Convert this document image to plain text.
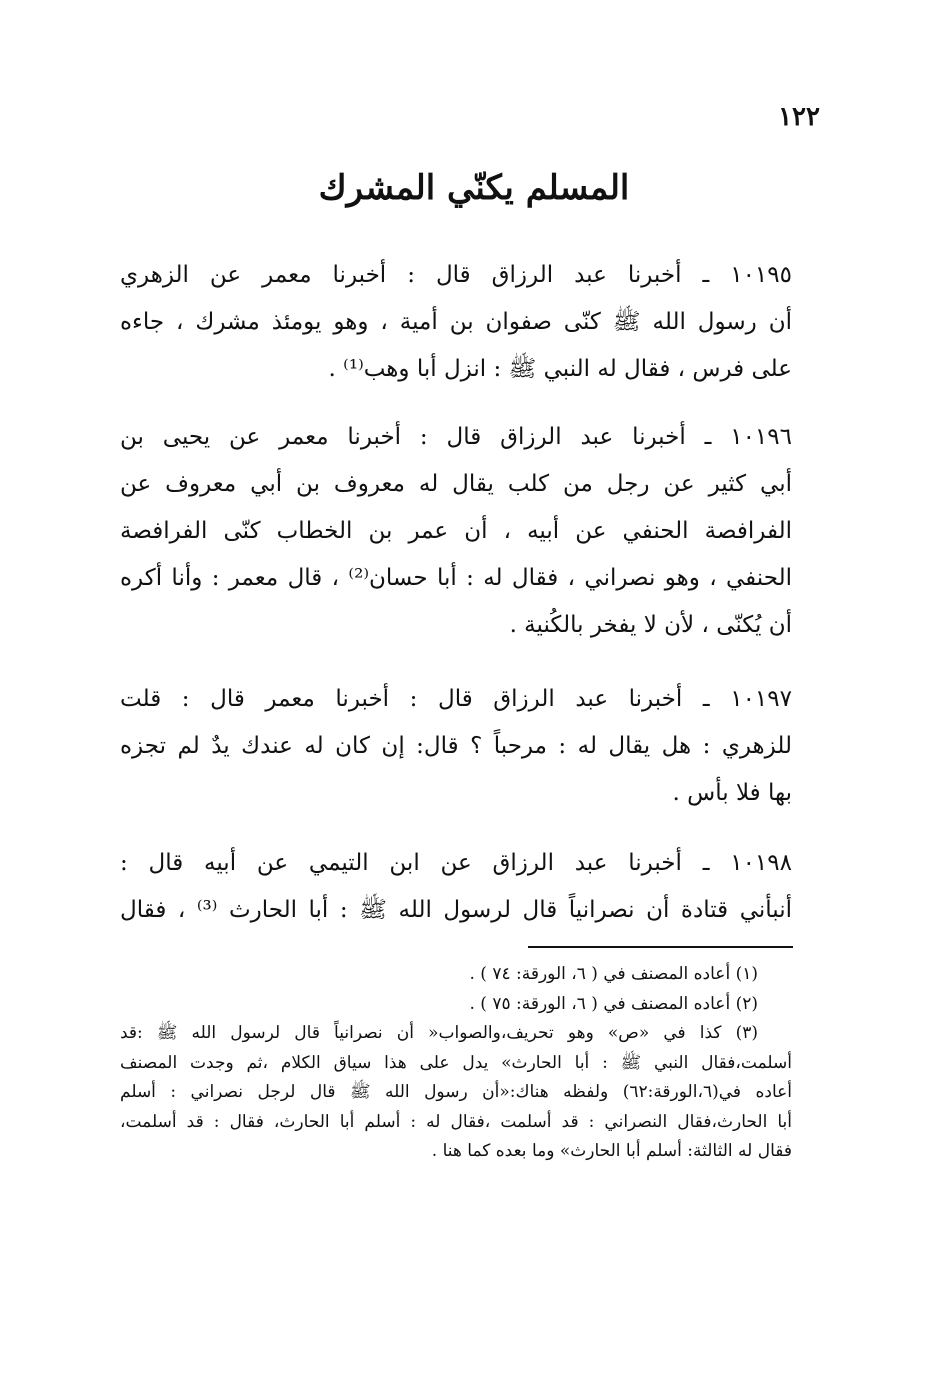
١٢٢
المسلم يكنّي المشرك
١٠١٩٥ ـ أخبرنا عبد الرزاق قال : أخبرنا معمر عن الزهري
أن رسول الله ﷺ كنّى صفوان بن أمية ، وهو يومئذ مشرك ، جاءه
على فرس ، فقال له النبي ﷺ : انزل أبا وهب⁽¹⁾ .
١٠١٩٦ ـ أخبرنا عبد الرزاق قال : أخبرنا معمر عن يحيى بن
أبي كثير عن رجل من كلب يقال له معروف بن أبي معروف عن
الفرافصة الحنفي عن أبيه ، أن عمر بن الخطاب كنّى الفرافصة
الحنفي ، وهو نصراني ، فقال له : أبا حسان⁽²⁾ ، قال معمر : وأنا أكره
أن يُكنّى ، لأن لا يفخر بالكُنية .
١٠١٩٧ ـ أخبرنا عبد الرزاق قال : أخبرنا معمر قال : قلت
للزهري : هل يقال له : مرحباً ؟ قال: إن كان له عندك يدٌ لم تجزه
بها فلا بأس .
١٠١٩٨ ـ أخبرنا عبد الرزاق عن ابن التيمي عن أبيه قال :
أنبأني قتادة أن نصرانياً قال لرسول الله ﷺ : أبا الحارث ⁽³⁾ ، فقال
(١) أعاده المصنف في ( ٦، الورقة: ٧٤ ) .
(٢) أعاده المصنف في ( ٦، الورقة: ٧٥ ) .
(٣) كذا في «ص» وهو تحريف،والصواب« أن نصرانياً قال لرسول الله ﷺ :قد
أسلمت،فقال النبي ﷺ : أبا الحارث» يدل على هذا سياق الكلام ،ثم وجدت المصنف
أعاده في(٦،الورقة:٦٢) ولفظه هناك:«أن رسول الله ﷺ قال لرجل نصراني : أسلم
أبا الحارث،فقال النصراني : قد أسلمت ،فقال له : أسلم أبا الحارث، فقال : قد أسلمت،
فقال له الثالثة: أسلم أبا الحارث» وما بعده كما هنا .
